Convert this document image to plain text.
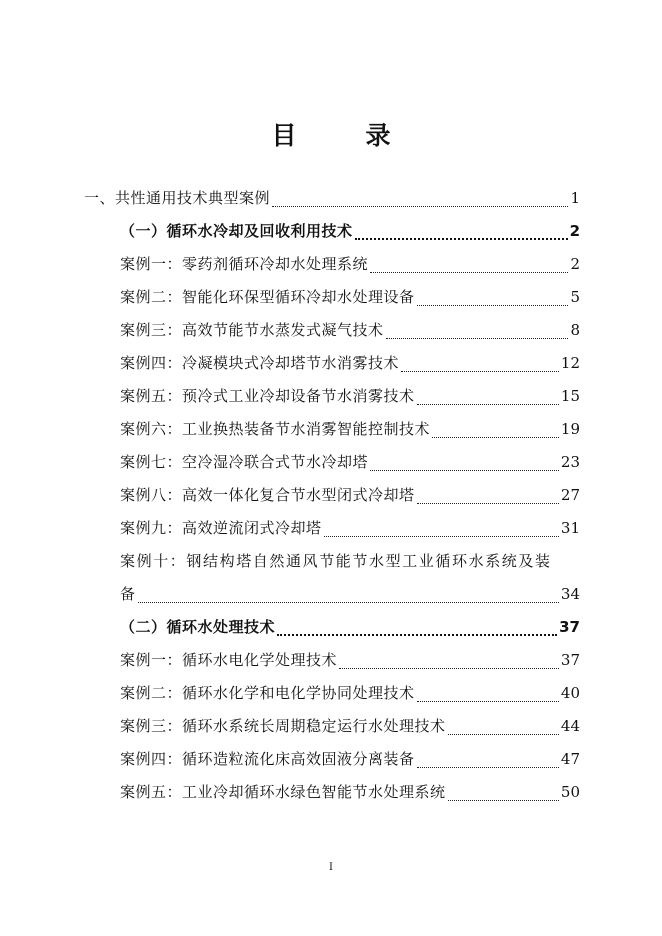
目　录
一、共性通用技术典型案例	1
（一）循环水冷却及回收利用技术	2
案例一：零药剂循环冷却水处理系统	2
案例二：智能化环保型循环冷却水处理设备	5
案例三：高效节能节水蒸发式凝气技术	8
案例四：冷凝模块式冷却塔节水消雾技术	12
案例五：预冷式工业冷却设备节水消雾技术	15
案例六：工业换热装备节水消雾智能控制技术	19
案例七：空冷湿冷联合式节水冷却塔	23
案例八：高效一体化复合节水型闭式冷却塔	27
案例九：高效逆流闭式冷却塔	31
案例十：钢结构塔自然通风节能节水型工业循环水系统及装
备	34
（二）循环水处理技术	37
案例一：循环水电化学处理技术	37
案例二：循环水化学和电化学协同处理技术	40
案例三：循环水系统长周期稳定运行水处理技术	44
案例四：循环造粒流化床高效固液分离装备	47
案例五：工业冷却循环水绿色智能节水处理系统	50
I
